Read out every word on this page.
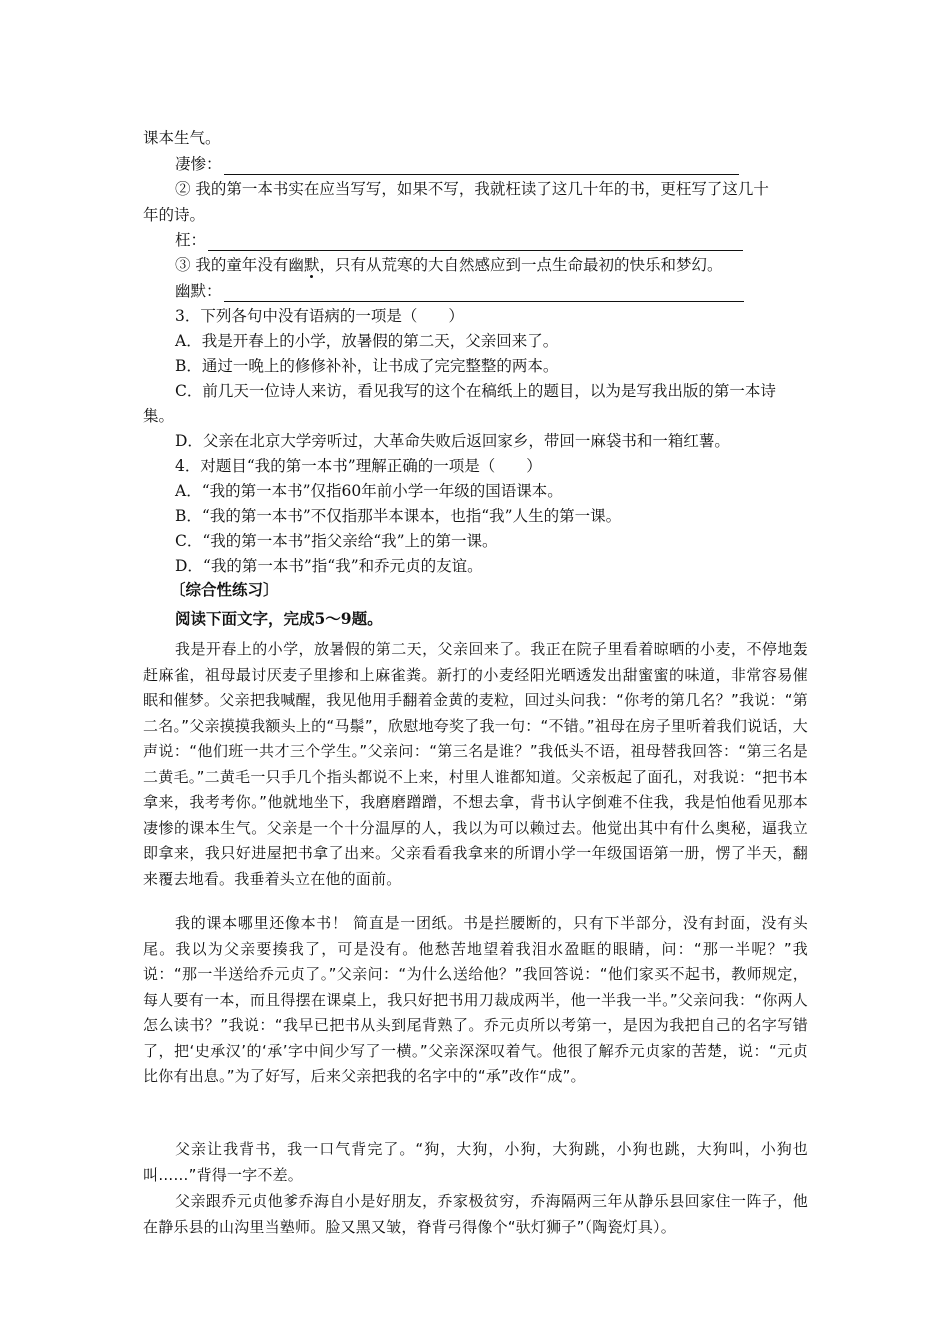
课本生气。
凄惨：
② 我的第一本书实在应当写写，如果不写，我就枉读了这几十年的书，更枉写了这几十
年的诗。
枉：
③ 我的童年没有幽默，只有从荒寒的大自然感应到一点生命最初的快乐和梦幻。
幽默：
3．下列各句中没有语病的一项是（　　）
A．我是开春上的小学，放暑假的第二天，父亲回来了。
B．通过一晚上的修修补补，让书成了完完整整的两本。
C．前几天一位诗人来访，看见我写的这个在稿纸上的题目，以为是写我出版的第一本诗
集。
D．父亲在北京大学旁听过，大革命失败后返回家乡，带回一麻袋书和一箱红薯。
4．对题目“我的第一本书”理解正确的一项是（　　）
A．“我的第一本书”仅指60年前小学一年级的国语课本。
B．“我的第一本书”不仅指那半本课本，也指“我”人生的第一课。
C．“我的第一本书”指父亲给“我”上的第一课。
D．“我的第一本书”指“我”和乔元贞的友谊。
〔综合性练习〕
阅读下面文字，完成5～9题。
我是开春上的小学，放暑假的第二天，父亲回来了。我正在院子里看着晾晒的小麦，不停地轰赶麻雀，祖母最讨厌麦子里掺和上麻雀粪。新打的小麦经阳光晒透发出甜蜜蜜的味道，非常容易催眠和催梦。父亲把我喊醒，我见他用手翻着金黄的麦粒，回过头问我：“你考的第几名？”我说：“第二名。”父亲摸摸我额头上的“马鬃”，欣慰地夸奖了我一句：“不错。”祖母在房子里听着我们说话，大声说：“他们班一共才三个学生。”父亲问：“第三名是谁？”我低头不语，祖母替我回答：“第三名是二黄毛。”二黄毛一只手几个指头都说不上来，村里人谁都知道。父亲板起了面孔，对我说：“把书本拿来，我考考你。”他就地坐下，我磨磨蹭蹭，不想去拿，背书认字倒难不住我，我是怕他看见那本凄惨的课本生气。父亲是一个十分温厚的人，我以为可以赖过去。他觉出其中有什么奥秘，逼我立即拿来，我只好进屋把书拿了出来。父亲看看我拿来的所谓小学一年级国语第一册，愣了半天，翻来覆去地看。我垂着头立在他的面前。
我的课本哪里还像本书！ 简直是一团纸。书是拦腰断的，只有下半部分，没有封面，没有头尾。我以为父亲要揍我了，可是没有。他愁苦地望着我泪水盈眶的眼睛，问：“那一半呢？”我说：“那一半送给乔元贞了。”父亲问：“为什么送给他？”我回答说：“他们家买不起书，教师规定，每人要有一本，而且得摆在课桌上，我只好把书用刀裁成两半，他一半我一半。”父亲问我：“你两人怎么读书？”我说：“我早已把书从头到尾背熟了。乔元贞所以考第一，是因为我把自己的名字写错了，把‘史承汉’的‘承’字中间少写了一横。”父亲深深叹着气。他很了解乔元贞家的苦楚，说：“元贞比你有出息。”为了好写，后来父亲把我的名字中的“承”改作“成”。
父亲让我背书，我一口气背完了。“狗，大狗，小狗，大狗跳，小狗也跳，大狗叫，小狗也叫……”背得一字不差。
父亲跟乔元贞他爹乔海自小是好朋友，乔家极贫穷，乔海隔两三年从静乐县回家住一阵子，他在静乐县的山沟里当塾师。脸又黑又皱，脊背弓得像个“驮灯狮子”（陶瓷灯具）。
